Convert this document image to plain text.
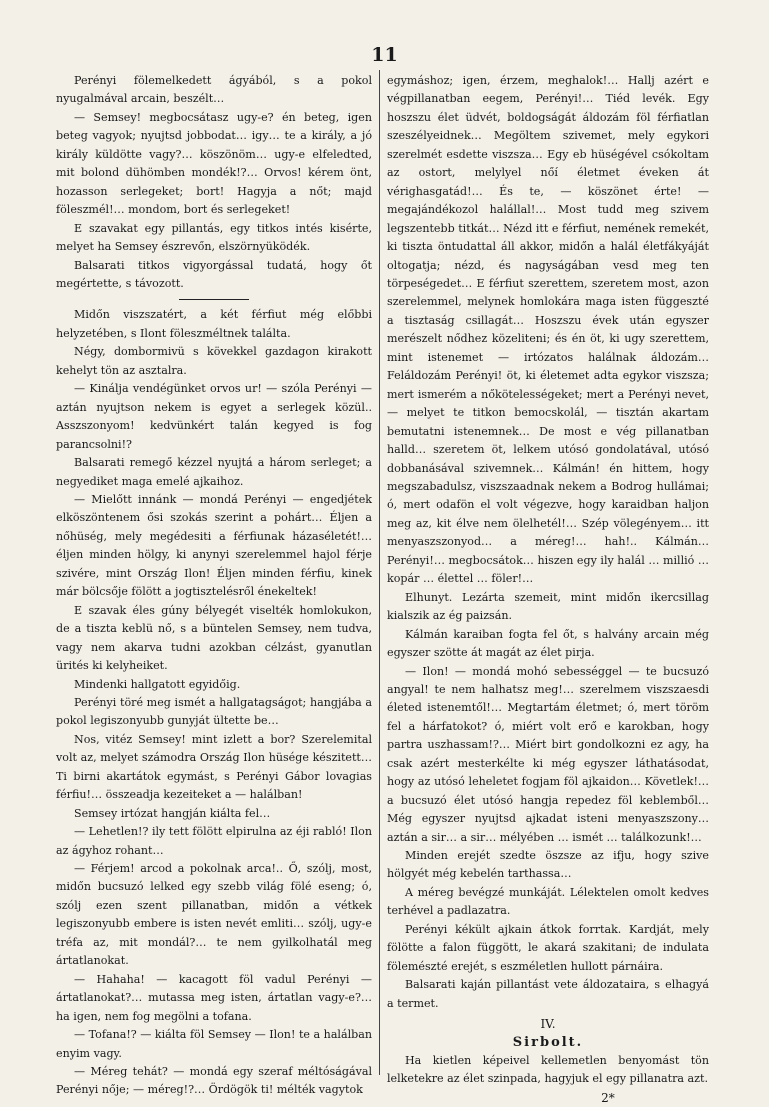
11

Perényi fölemelkedett ágyából, s a pokol nyugalmával arcain, beszélt…

— Semsey! megbocsátasz ugy-e? én beteg, igen beteg vagyok; nyujtsd jobbodat… igy… te a király, a jó király küldötte vagy?… köszönöm… ugy-e elfeledted, mit bolond dühömben mondék!?… Orvos! kérem önt, hozasson serlegeket; bort! Hagyja a nőt; majd föleszmél!… mondom, bort és serlegeket!

E szavakat egy pillantás, egy titkos intés kisérte, melyet ha Semsey észrevőn, elszörnyüködék.

Balsarati titkos vigyorgással tudatá, hogy őt megértette, s távozott.

Midőn viszszatért, a két férfiut még előbbi helyzetében, s Ilont föleszméltnek találta.

Négy, dombormivü s kövekkel gazdagon kirakott kehelyt tön az asztalra.

— Kinálja vendégünket orvos ur! — szóla Perényi — aztán nyujtson nekem is egyet a serlegek közül.. Asszszonyom! kedvünkért talán kegyed is fog parancsolni!?

Balsarati remegő kézzel nyujtá a három serleget; a negyediket maga emelé ajkaihoz.

— Mielőtt innánk — mondá Perényi — engedjétek elköszöntenem ősi szokás szerint a pohárt… Éljen a nőhüség, mely megédesiti a férfiunak házaséletét!… éljen minden hölgy, ki anynyi szerelemmel hajol férje szivére, mint Ország Ilon! Éljen minden férfiu, kinek már bölcsője fölött a jogtisztelésről énekeltek!

E szavak éles gúny bélyegét viselték homlokukon, de a tiszta keblü nő, s a büntelen Semsey, nem tudva, vagy nem akarva tudni azokban célzást, gyanutlan ürités ki kelyheiket.

Mindenki hallgatott egyidőig.

Perényi töré meg ismét a hallgatagságot; hangjába a pokol legiszonyubb gunyját ültette be…

Nos, vitéz Semsey! mint izlett a bor? Szerelemital volt az, melyet számodra Ország Ilon hüsége készitett… Ti birni akartátok egymást, s Perényi Gábor lovagias férfiu!… összeadja kezeiteket a — halálban!

Semsey irtózat hangján kiálta fel…

— Lehetlen!? ily tett fölött elpirulna az éji rabló! Ilon az ágyhoz rohant…

— Férjem! arcod a pokolnak arca!.. Ő, szólj, most, midőn bucsuzó lelked egy szebb világ fölé eseng; ó, szólj ezen szent pillanatban, midőn a vétkek legiszonyubb embere is isten nevét emliti… szólj, ugy-e tréfa az, mit mondál?… te nem gyilkolhatál meg ártatlanokat.

— Hahaha! — kacagott föl vadul Perényi — ártatlanokat?… mutassa meg isten, ártatlan vagy-e?… ha igen, nem fog megölni a tofana.

— Tofana!? — kiálta föl Semsey — Ilon! te a halálban enyim vagy.

— Méreg tehát? — mondá egy szeraf méltóságával Perényi nője; — méreg!?… Ördögök ti! mélték vagytok

egymáshoz; igen, érzem, meghalok!… Hallj azért e végpillanatban eegem, Perényi!… Tiéd levék. Egy hoszszu élet üdvét, boldogságát áldozám föl férfiatlan szeszélyeidnek… Megöltem szivemet, mely egykori szerelmét esdette viszsza… Egy eb hüségével csókoltam az ostort, melylyel nőí életmet éveken át vérighasgatád!… És te, — köszönet érte! — megajándékozol halállal!… Most tudd meg szivem legszentebb titkát… Nézd itt e férfiut, nemének remekét, ki tiszta öntudattal áll akkor, midőn a halál életfákyáját oltogatja; nézd, és nagyságában vesd meg ten törpeségedet… E férfiut szerettem, szeretem most, azon szerelemmel, melynek homlokára maga isten függeszté a tisztaság csillagát… Hoszszu évek után egyszer merészelt nődhez közeliteni; és én öt, ki ugy szerettem, mint istenemet — irtózatos halálnak áldozám… Feláldozám Perényi! öt, ki életemet adta egykor viszsza; mert ismerém a nőkötelességeket; mert a Perényi nevet, — melyet te titkon bemocskolál, — tisztán akartam bemutatni istenemnek… De most e vég pillanatban halld… szeretem öt, lelkem utósó gondolatával, utósó dobbanásával szivemnek… Kálmán! én hittem, hogy megszabadulsz, viszszaadnak nekem a Bodrog hullámai; ó, mert odafön el volt végezve, hogy karaidban haljon meg az, kit élve nem ölelhetél!… Szép völegényem… itt menyaszszonyod… a méreg!… hah!.. Kálmán… Perényi!… megbocsátok… hiszen egy ily halál … millió … kopár … élettel … föler!…

Elhunyt. Lezárta szemeit, mint midőn ikercsillag kialszik az ég paizsán.

Kálmán karaiban fogta fel őt, s halvány arcain még egyszer szötte át magát az élet pirja.

— Ilon! — mondá mohó sebességgel — te bucsuzó angyal! te nem halhatsz meg!… szerelmem viszszaesdi életed istenemtől!… Megtartám életmet; ó, mert töröm fel a hárfatokot? ó, miért volt erő e karokban, hogy partra uszhassam!?… Miért birt gondolkozni ez agy, ha csak azért mesterkélte ki még egyszer láthatásodat, hogy az utósó leheletet fogjam föl ajkaidon… Követlek!… a bucsuzó élet utósó hangja repedez föl keblemből… Még egyszer nyujtsd ajkadat isteni menyaszszony… aztán a sir… a sir… mélyében … ismét … találkozunk!…

Minden erejét szedte öszsze az ifju, hogy szive hölgyét még kebelén tarthassa…

A méreg bevégzé munkáját. Lélektelen omolt kedves terhével a padlazatra.

Perényi kékült ajkain átkok forrtak. Kardját, mely fölötte a falon függött, le akará szakitani; de indulata fölemészté erejét, s eszméletlen hullott párnáira.

Balsarati kaján pillantást vete áldozataira, s elhagyá a termet.

IV.
Sirbolt.

Ha kietlen képeivel kellemetlen benyomást tön lelketekre az élet szinpada, hagyjuk el egy pillanatra azt.

2*
